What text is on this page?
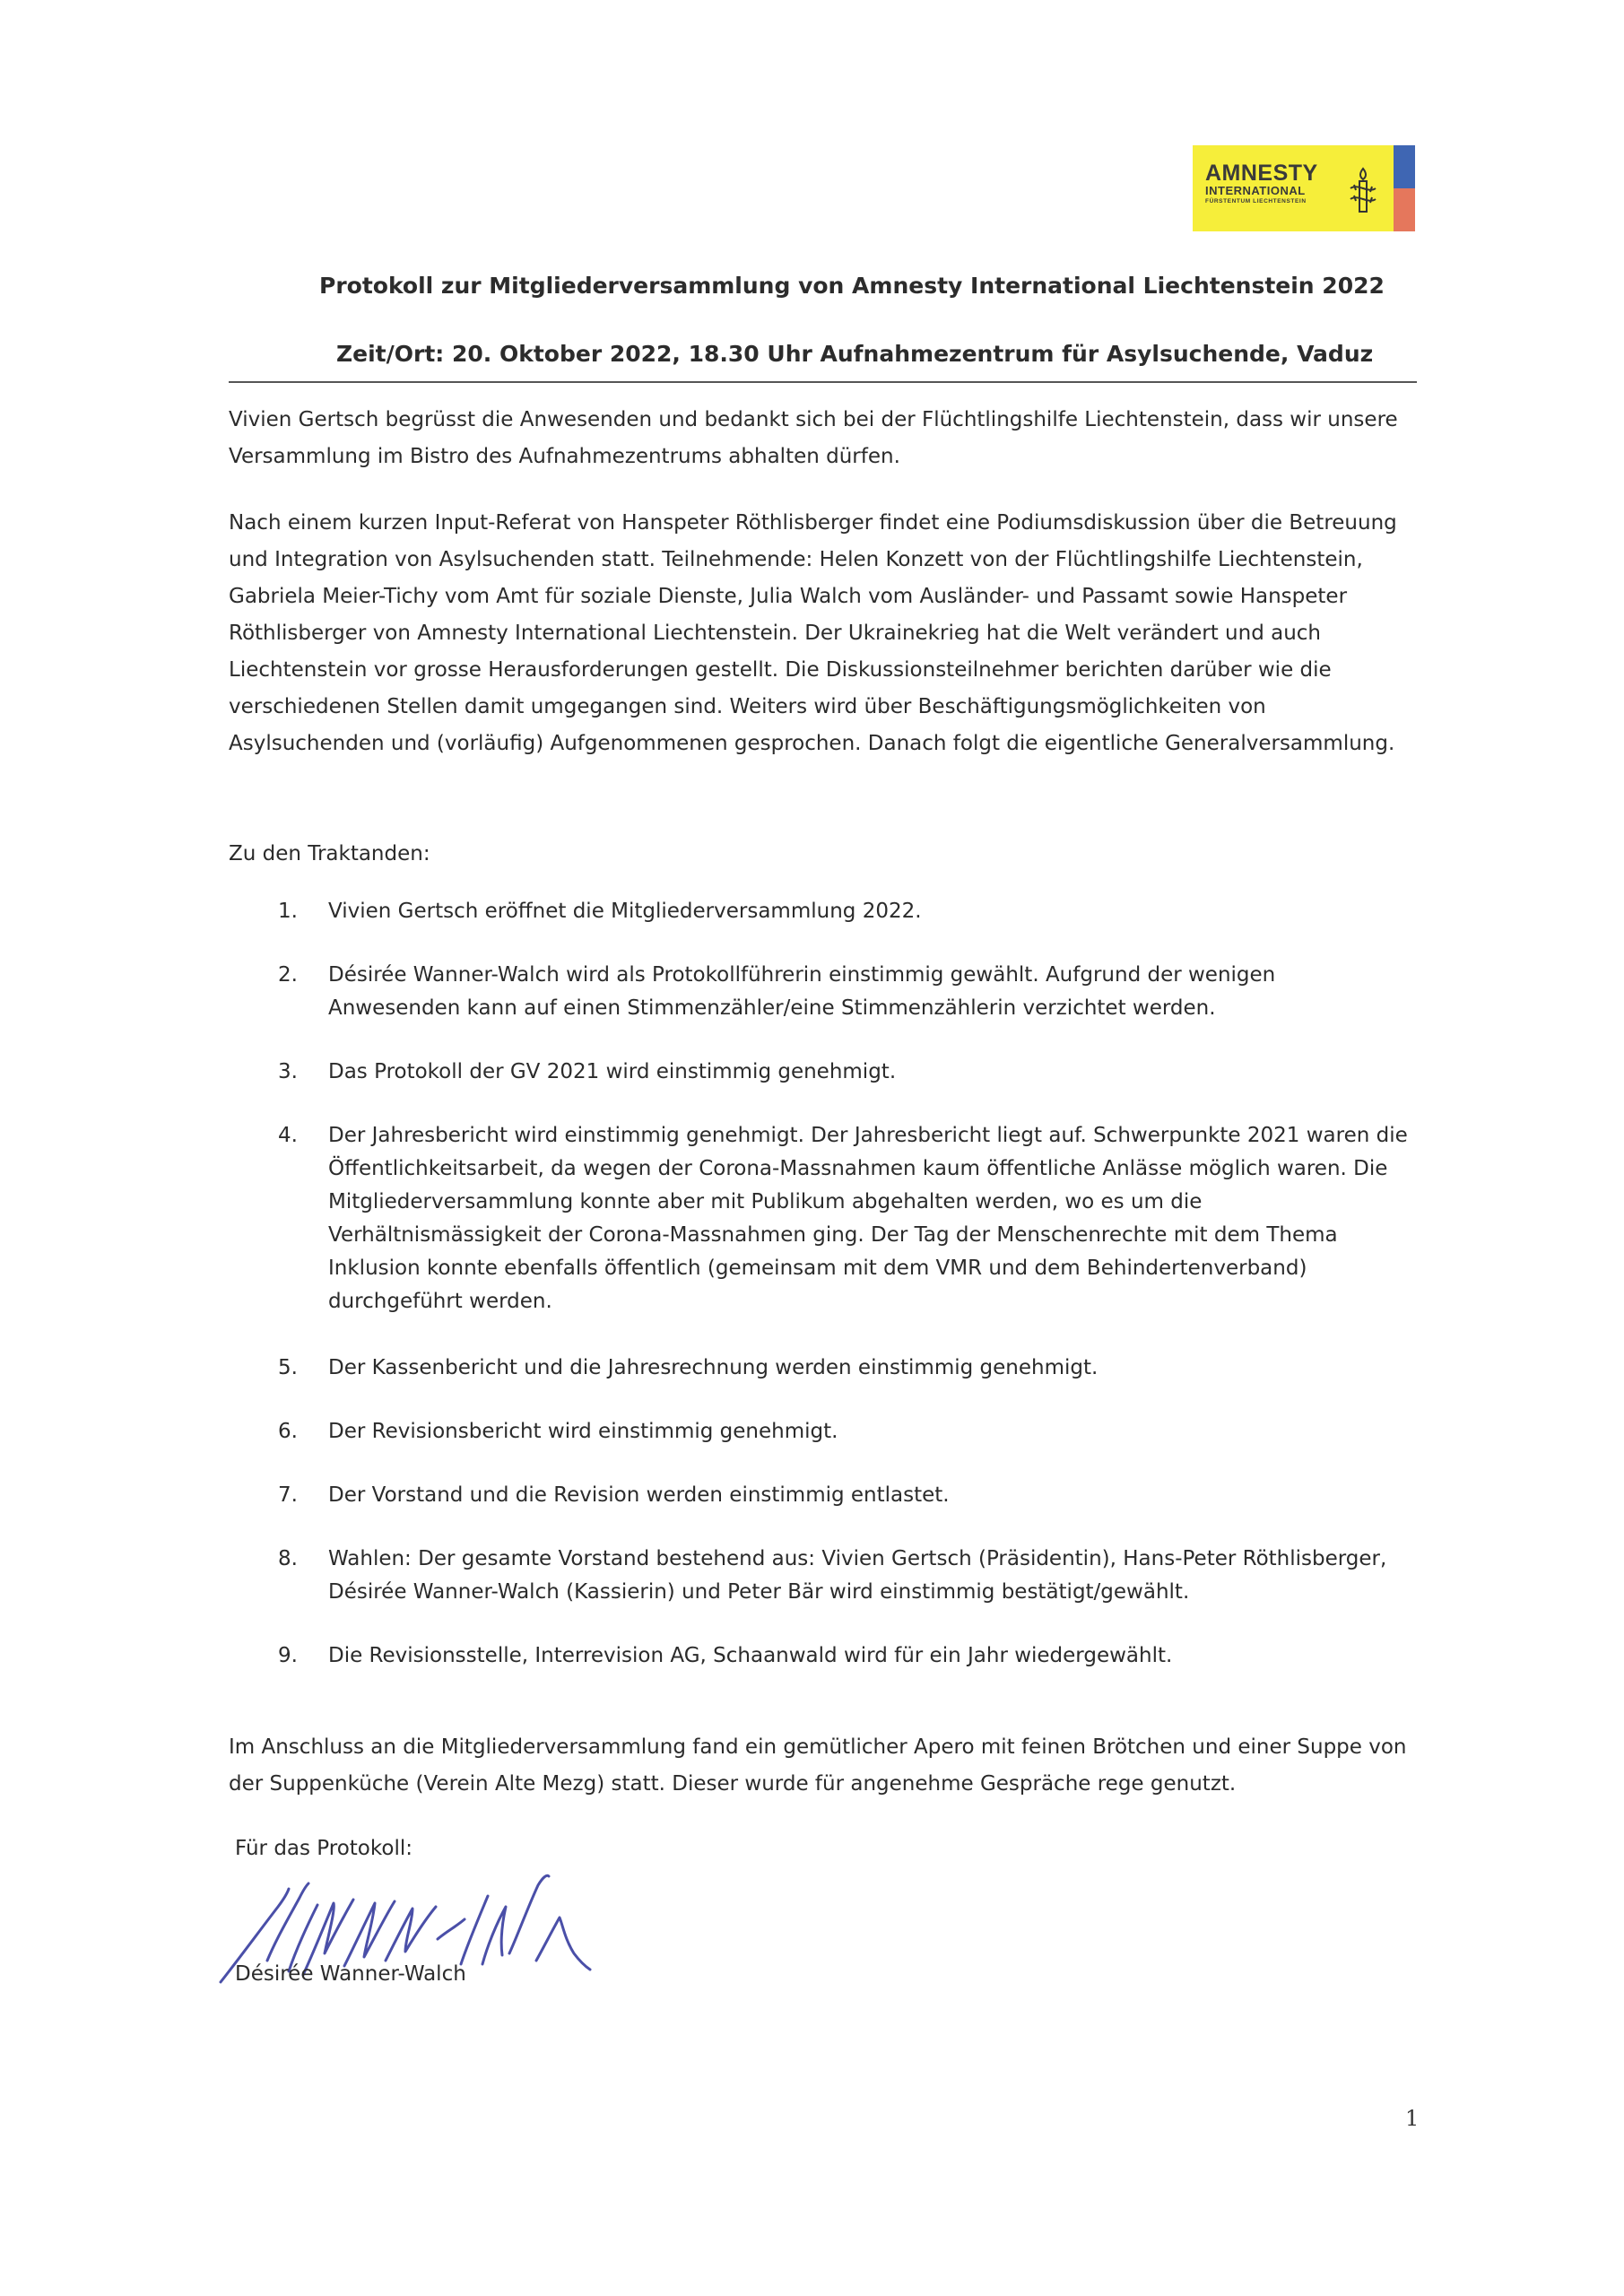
AMNESTY
INTERNATIONAL
FÜRSTENTUM LIECHTENSTEIN
Protokoll zur Mitgliederversammlung von Amnesty International Liechtenstein 2022
Zeit/Ort: 20. Oktober 2022, 18.30 Uhr Aufnahmezentrum für Asylsuchende, Vaduz

Vivien Gertsch begrüsst die Anwesenden und bedankt sich bei der Flüchtlingshilfe Liechtenstein, dass wir unsere Versammlung im Bistro des Aufnahmezentrums abhalten dürfen.

Nach einem kurzen Input-Referat von Hanspeter Röthlisberger findet eine Podiumsdiskussion über die Betreuung und Integration von Asylsuchenden statt. Teilnehmende: Helen Konzett von der Flüchtlingshilfe Liechtenstein, Gabriela Meier-Tichy vom Amt für soziale Dienste, Julia Walch vom Ausländer- und Passamt sowie Hanspeter Röthlisberger von Amnesty International Liechtenstein. Der Ukrainekrieg hat die Welt verändert und auch Liechtenstein vor grosse Herausforderungen gestellt. Die Diskussionsteilnehmer berichten darüber wie die verschiedenen Stellen damit umgegangen sind. Weiters wird über Beschäftigungsmöglichkeiten von Asylsuchenden und (vorläufig) Aufgenommenen gesprochen. Danach folgt die eigentliche Generalversammlung.

Zu den Traktanden:

1.	Vivien Gertsch eröffnet die Mitgliederversammlung 2022.
2.	Désirée Wanner-Walch wird als Protokollführerin einstimmig gewählt. Aufgrund der wenigen Anwesenden kann auf einen Stimmenzähler/eine Stimmenzählerin verzichtet werden.
3.	Das Protokoll der GV 2021 wird einstimmig genehmigt.
4.	Der Jahresbericht wird einstimmig genehmigt. Der Jahresbericht liegt auf. Schwerpunkte 2021 waren die Öffentlichkeitsarbeit, da wegen der Corona-Massnahmen kaum öffentliche Anlässe möglich waren. Die Mitgliederversammlung konnte aber mit Publikum abgehalten werden, wo es um die Verhältnismässigkeit der Corona-Massnahmen ging. Der Tag der Menschenrechte mit dem Thema Inklusion konnte ebenfalls öffentlich (gemeinsam mit dem VMR und dem Behindertenverband) durchgeführt werden.
5.	Der Kassenbericht und die Jahresrechnung werden einstimmig genehmigt.
6.	Der Revisionsbericht wird einstimmig genehmigt.
7.	Der Vorstand und die Revision werden einstimmig entlastet.
8.	Wahlen: Der gesamte Vorstand bestehend aus: Vivien Gertsch (Präsidentin), Hans-Peter Röthlisberger, Désirée Wanner-Walch (Kassierin) und Peter Bär wird einstimmig bestätigt/gewählt.
9.	Die Revisionsstelle, Interrevision AG, Schaanwald wird für ein Jahr wiedergewählt.

Im Anschluss an die Mitgliederversammlung fand ein gemütlicher Apero mit feinen Brötchen und einer Suppe von der Suppenküche (Verein Alte Mezg) statt. Dieser wurde für angenehme Gespräche rege genutzt.

Für das Protokoll:
Désirée Wanner-Walch
1
